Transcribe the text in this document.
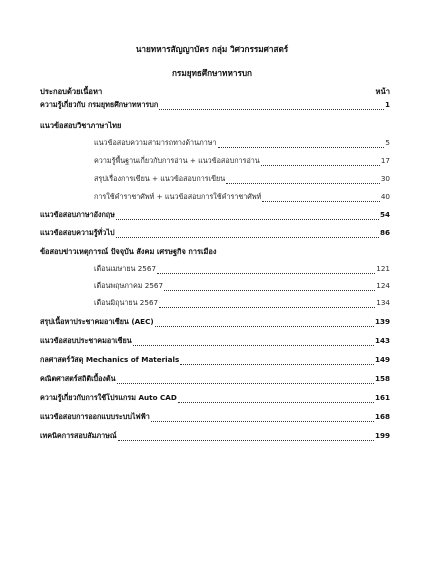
นายทหารสัญญาบัตร กลุ่ม วิศวกรรมศาสตร์
กรมยุทธศึกษาทหารบก
ประกอบด้วยเนื้อหา	หน้า
ความรู้เกี่ยวกับ กรมยุทธศึกษาทหารบก	1
แนวข้อสอบวิชาภาษาไทย
แนวข้อสอบความสามารถทางด้านภาษา	5
ความรู้พื้นฐานเกี่ยวกับการอ่าน + แนวข้อสอบการอ่าน	17
สรุปเรื่องการเขียน + แนวข้อสอบการเขียน	30
การใช้คำราชาศัพท์ + แนวข้อสอบการใช้คำราชาศัพท์	40
แนวข้อสอบภาษาอังกฤษ	54
แนวข้อสอบความรู้ทั่วไป	86
ข้อสอบข่าวเหตุการณ์ ปัจจุบัน สังคม เศรษฐกิจ การเมือง
เดือนเมษายน 2567	121
เดือนพฤษภาคม 2567	124
เดือนมิถุนายน 2567	134
สรุปเนื้อหาประชาคมอาเซียน (AEC)	139
แนวข้อสอบประชาคมอาเซียน	143
กลศาสตร์วัสดุ Mechanics of Materials	149
คณิตศาสตร์สถิติเบื้องต้น	158
ความรู้เกี่ยวกับการใช้โปรแกรม Auto CAD	161
แนวข้อสอบการออกแบบระบบไฟฟ้า	168
เทคนิคการสอบสัมภาษณ์	199
